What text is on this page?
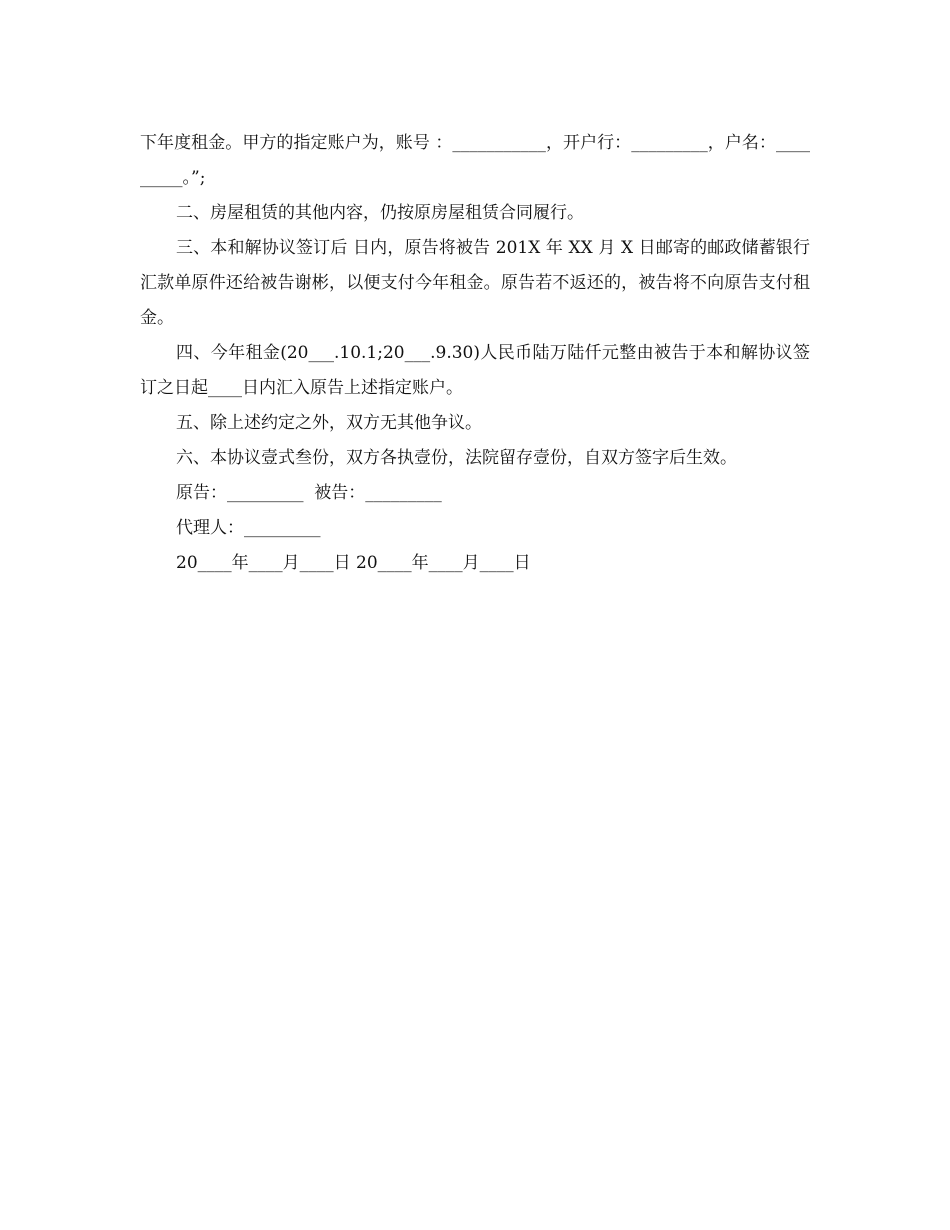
下年度租金。甲方的指定账户为，账号 ：___________，开户行：_________，户名：_________。”;

二、房屋租赁的其他内容，仍按原房屋租赁合同履行。

三、本和解协议签订后 日内，原告将被告 201X 年 XX 月 X 日邮寄的邮政储蓄银行汇款单原件还给被告谢彬，以便支付今年租金。原告若不返还的，被告将不向原告支付租金。

四、今年租金(20___.10.1;20___.9.30)人民币陆万陆仟元整由被告于本和解协议签订之日起____日内汇入原告上述指定账户。

五、除上述约定之外，双方无其他争议。

六、本协议壹式叁份，双方各执壹份，法院留存壹份，自双方签字后生效。

原告：_________  被告：_________
代理人：_________
20____年____月____日 20____年____月____日
